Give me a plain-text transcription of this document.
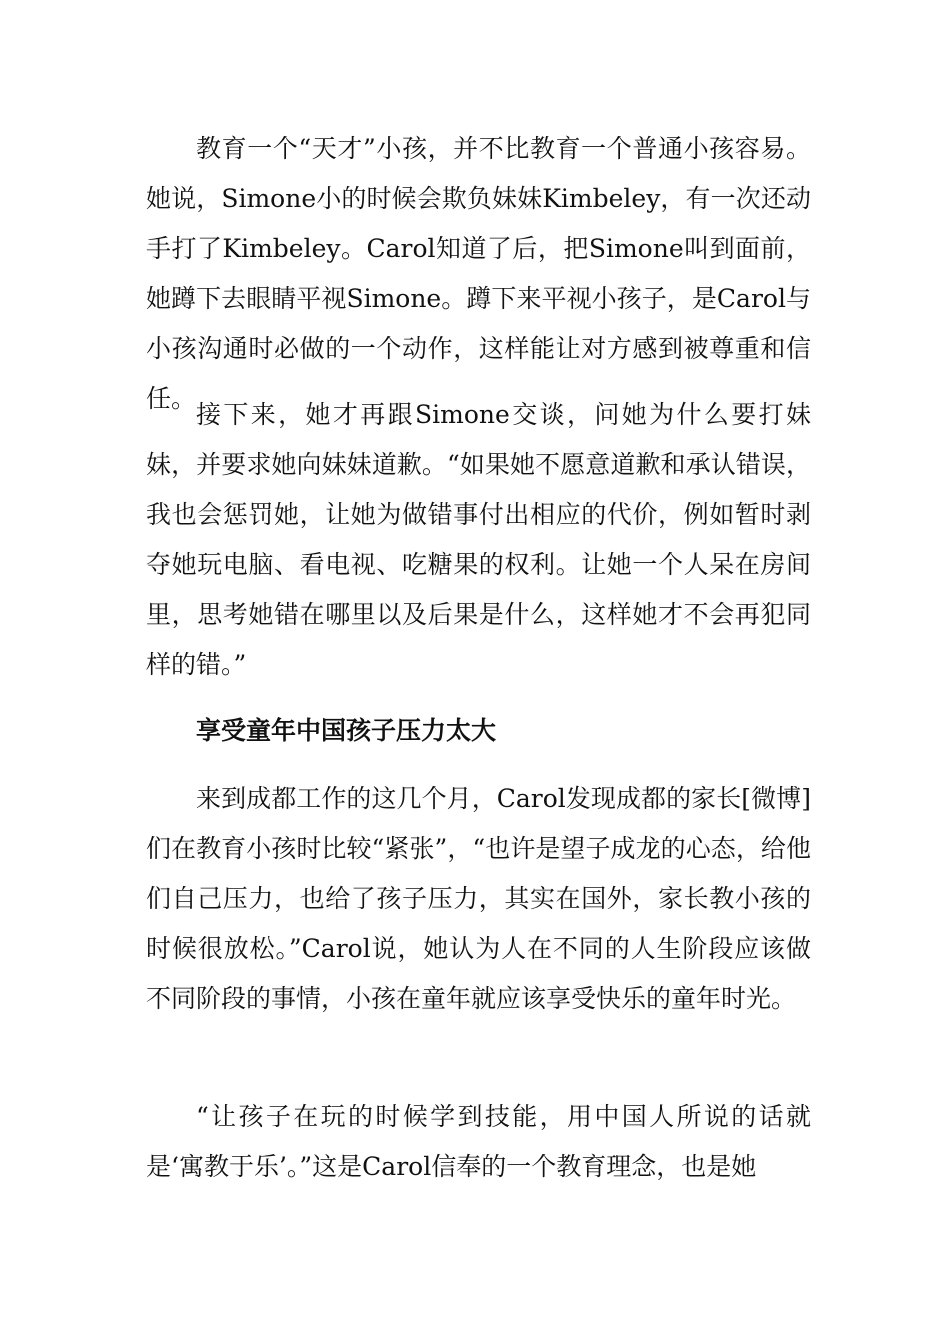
教育一个“天才”小孩，并不比教育一个普通小孩容易。她说，Simone小的时候会欺负妹妹Kimbeley，有一次还动手打了Kimbeley。Carol知道了后，把Simone叫到面前，她蹲下去眼睛平视Simone。蹲下来平视小孩子，是Carol与小孩沟通时必做的一个动作，这样能让对方感到被尊重和信任。

接下来，她才再跟Simone交谈，问她为什么要打妹妹，并要求她向妹妹道歉。“如果她不愿意道歉和承认错误，我也会惩罚她，让她为做错事付出相应的代价，例如暂时剥夺她玩电脑、看电视、吃糖果的权利。让她一个人呆在房间里，思考她错在哪里以及后果是什么，这样她才不会再犯同样的错。”

享受童年中国孩子压力太大

来到成都工作的这几个月，Carol发现成都的家长[微博]们在教育小孩时比较“紧张”，“也许是望子成龙的心态，给他们自己压力，也给了孩子压力，其实在国外，家长教小孩的时候很放松。”Carol说，她认为人在不同的人生阶段应该做不同阶段的事情，小孩在童年就应该享受快乐的童年时光。

“让孩子在玩的时候学到技能，用中国人所说的话就是‘寓教于乐’。”这是Carol信奉的一个教育理念，也是她
